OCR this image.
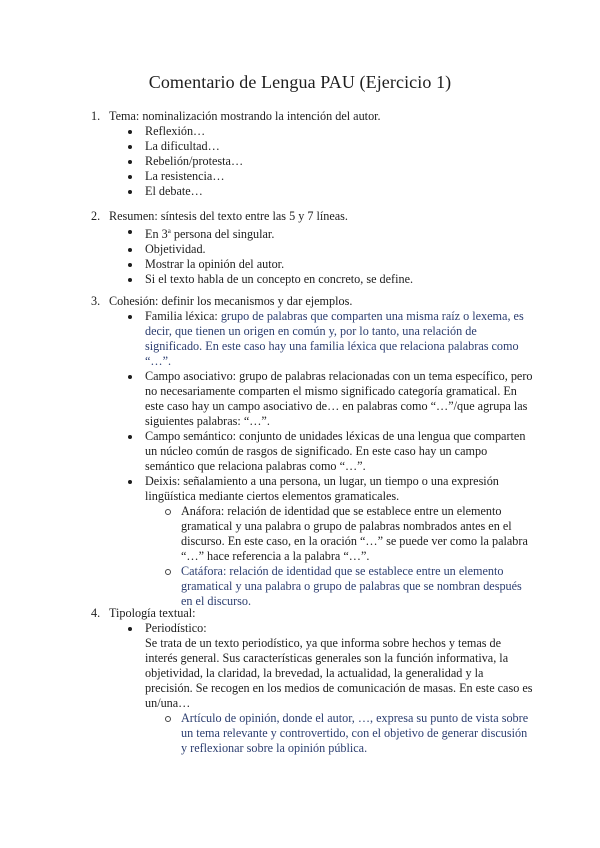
Comentario de Lengua PAU (Ejercicio 1)
1. Tema: nominalización mostrando la intención del autor.
Reflexión…
La dificultad…
Rebelión/protesta…
La resistencia…
El debate…
2. Resumen: síntesis del texto entre las 5 y 7 líneas.
En 3$^a$ persona del singular.
Objetividad.
Mostrar la opinión del autor.
Si el texto habla de un concepto en concreto, se define.
3. Cohesión: definir los mecanismos y dar ejemplos.
Familia léxica: grupo de palabras que comparten una misma raíz o lexema, es decir, que tienen un origen en común y, por lo tanto, una relación de significado. En este caso hay una familia léxica que relaciona palabras como “…”.
Campo asociativo: grupo de palabras relacionadas con un tema específico, pero no necesariamente comparten el mismo significado categoría gramatical. En este caso hay un campo asociativo de… en palabras como “…”/que agrupa las siguientes palabras: “…”.
Campo semántico: conjunto de unidades léxicas de una lengua que comparten un núcleo común de rasgos de significado. En este caso hay un campo semántico que relaciona palabras como “…”.
Deixis: señalamiento a una persona, un lugar, un tiempo o una expresión lingüística mediante ciertos elementos gramaticales.
Anáfora: relación de identidad que se establece entre un elemento gramatical y una palabra o grupo de palabras nombrados antes en el discurso. En este caso, en la oración “…” se puede ver como la palabra “…” hace referencia a la palabra “…”.
Catáfora: relación de identidad que se establece entre un elemento gramatical y una palabra o grupo de palabras que se nombran después en el discurso.
4. Tipología textual:
Periodístico:
Se trata de un texto periodístico, ya que informa sobre hechos y temas de interés general. Sus características generales son la función informativa, la objetividad, la claridad, la brevedad, la actualidad, la generalidad y la precisión. Se recogen en los medios de comunicación de masas. En este caso es un/una…
Artículo de opinión, donde el autor, …, expresa su punto de vista sobre un tema relevante y controvertido, con el objetivo de generar discusión y reflexionar sobre la opinión pública.
